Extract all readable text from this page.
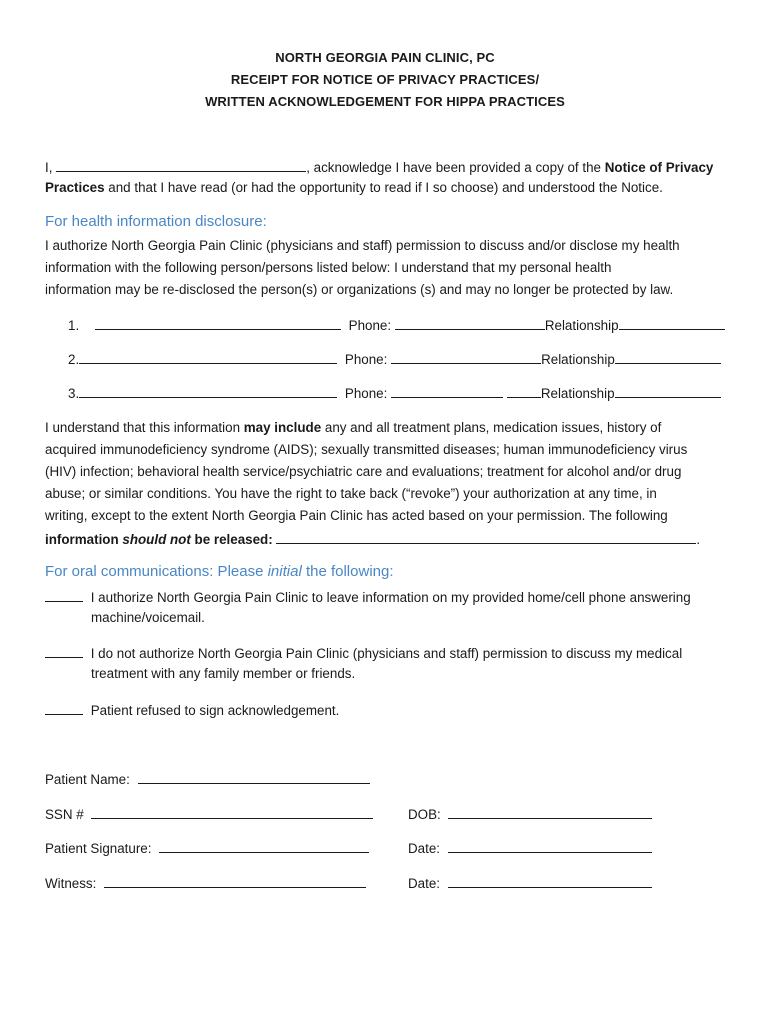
NORTH GEORGIA PAIN CLINIC, PC
RECEIPT FOR NOTICE OF PRIVACY PRACTICES/
WRITTEN ACKNOWLEDGEMENT FOR HIPPA PRACTICES
I,	, acknowledge I have been provided a copy of the Notice of Privacy
Practices and that I have read (or had the opportunity to read if I so choose) and understood the Notice.
For health information disclosure:
I authorize North Georgia Pain Clinic (physicians and staff) permission to discuss and/or disclose my health
information with the following person/persons listed below: I understand that my personal health
information may be re-disclosed the person(s) or organizations (s) and may no longer be protected by law.
1.	Phone:	Relationship
2.	Phone:	Relationship
3.	Phone:	Relationship
I understand that this information may include any and all treatment plans, medication issues, history of
acquired immunodeficiency syndrome (AIDS); sexually transmitted diseases; human immunodeficiency virus
(HIV) infection; behavioral health service/psychiatric care and evaluations; treatment for alcohol and/or drug
abuse; or similar conditions. You have the right to take back (“revoke”) your authorization at any time, in
writing, except to the extent North Georgia Pain Clinic has acted based on your permission. The following
information should not be released:	.
For oral communications: Please initial the following:
I authorize North Georgia Pain Clinic to leave information on my provided home/cell phone answering
machine/voicemail.
I do not authorize North Georgia Pain Clinic (physicians and staff) permission to discuss my medical
treatment with any family member or friends.
Patient refused to sign acknowledgement.
Patient Name:
SSN #	DOB:
Patient Signature:	Date:
Witness:	Date:
